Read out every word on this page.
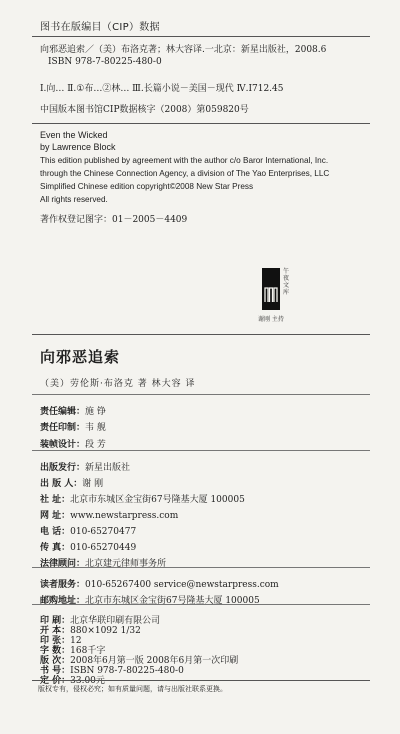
图书在版编目（CIP）数据
向邪恶追索／（美）布洛克著；林大容译.一北京：新星出版社，2008.6
ISBN 978-7-80225-480-0
Ⅰ.向… Ⅱ.①布…②林… Ⅲ.长篇小说－美国－现代 Ⅳ.I712.45
中国版本图书馆CIP数据核字（2008）第059820号
Even the Wicked
by Lawrence Block
This edition published by agreement with the author c/o Baror International, Inc.
through the Chinese Connection Agency, a division of The Yao Enterprises, LLC
Simplified Chinese edition copyright©2008 New Star Press
All rights reserved.
著作权登记图字：01－2005－4409
午夜文库
谢刚 主持
向邪恶追索
（美）劳伦斯·布洛克 著 林大容 译
责任编辑：施 铮
责任印制：韦 舰
装帧设计：段 芳
出版发行：新星出版社
出 版 人：谢 刚
社 址：北京市东城区金宝街67号隆基大厦 100005
网 址：www.newstarpress.com
电 话：010-65270477
传 真：010-65270449
法律顾问：北京建元律师事务所
读者服务：010-65267400 service@newstarpress.com
邮购地址：北京市东城区金宝街67号隆基大厦 100005
印 刷：北京华联印刷有限公司
开 本：880×1092 1/32
印 张：12
字 数：168千字
版 次：2008年6月第一版 2008年6月第一次印刷
书 号：ISBN 978-7-80225-480-0
定 价：33.00元
版权专有，侵权必究；如有质量问题，请与出版社联系更换。
